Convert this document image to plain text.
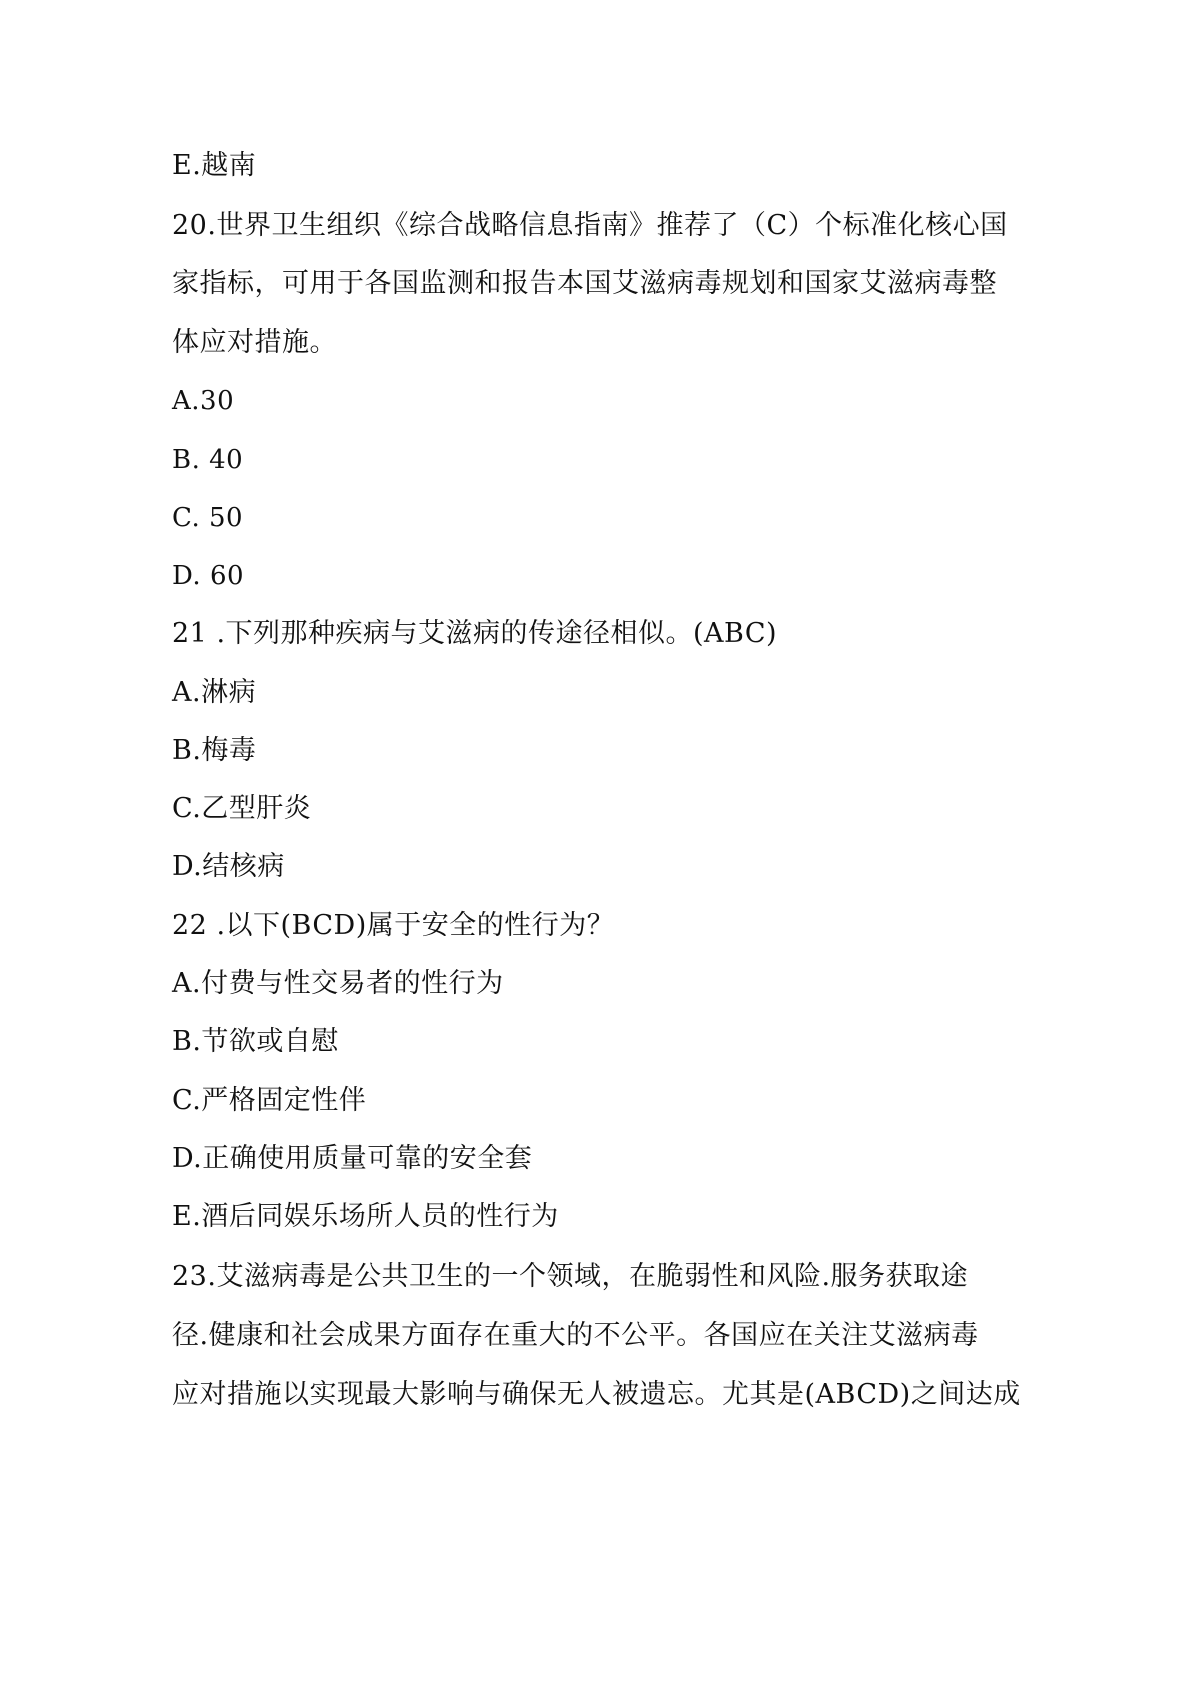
E.越南
20.世界卫生组织《综合战略信息指南》推荐了（C）个标准化核心国
家指标，可用于各国监测和报告本国艾滋病毒规划和国家艾滋病毒整
体应对措施。
A.30
B. 40
C. 50
D. 60
21 .下列那种疾病与艾滋病的传途径相似。(ABC)
A.淋病
B.梅毒
C.乙型肝炎
D.结核病
22 .以下(BCD)属于安全的性行为？
A.付费与性交易者的性行为
B.节欲或自慰
C.严格固定性伴
D.正确使用质量可靠的安全套
E.酒后同娱乐场所人员的性行为
23.艾滋病毒是公共卫生的一个领域，在脆弱性和风险.服务获取途
径.健康和社会成果方面存在重大的不公平。各国应在关注艾滋病毒
应对措施以实现最大影响与确保无人被遗忘。尤其是(ABCD)之间达成
